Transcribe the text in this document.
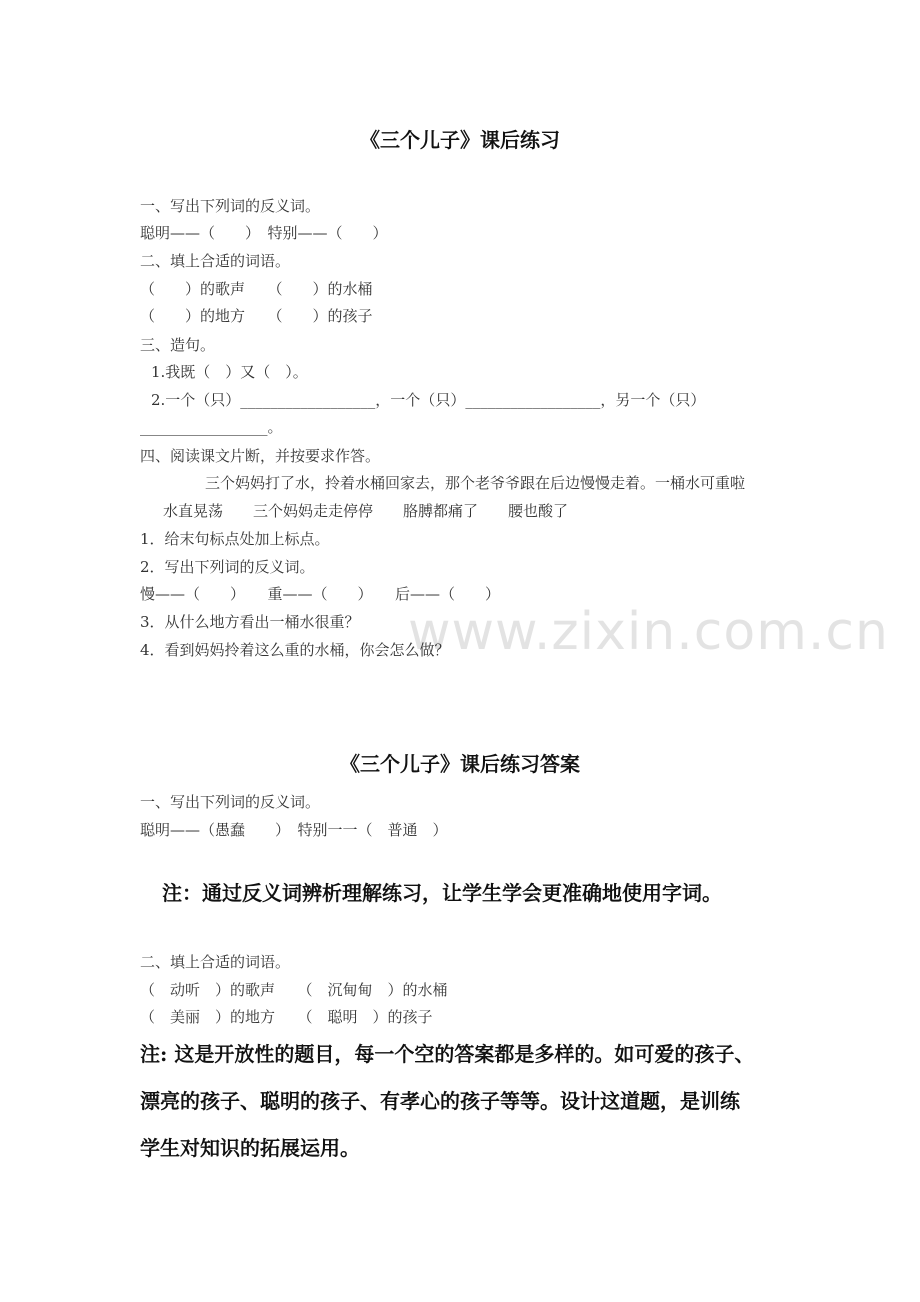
www.zixin.com.cn
《三个儿子》课后练习
一、写出下列词的反义词。
聪明——（　　）　特别——（　　）
二、填上合适的词语。
（　　）的歌声　　（　　）的水桶
（　　）的地方　　（　　）的孩子
三、造句。
1.我既（　）又（　）。
2.一个（只）__________________，一个（只）__________________，另一个（只）
_________________。
四、阅读课文片断，并按要求作答。
三个妈妈打了水，拎着水桶回家去，那个老爷爷跟在后边慢慢走着。一桶水可重啦
水直晃荡　　三个妈妈走走停停　　胳膊都痛了　　腰也酸了
1．给末句标点处加上标点。
2．写出下列词的反义词。
慢——（　　）　　重——（　　）　　后——（　　）
3．从什么地方看出一桶水很重？
4．看到妈妈拎着这么重的水桶，你会怎么做？
《三个儿子》课后练习答案
一、写出下列词的反义词。
聪明——（愚蠢　　）　特别一一（　普通　）
注：通过反义词辨析理解练习，让学生学会更准确地使用字词。
二、填上合适的词语。
（　动听　）的歌声　　（　沉甸甸　）的水桶
（　美丽　）的地方　　（　聪明　）的孩子
注: 这是开放性的题目，每一个空的答案都是多样的。如可爱的孩子、
漂亮的孩子、聪明的孩子、有孝心的孩子等等。设计这道题，是训练
学生对知识的拓展运用。
